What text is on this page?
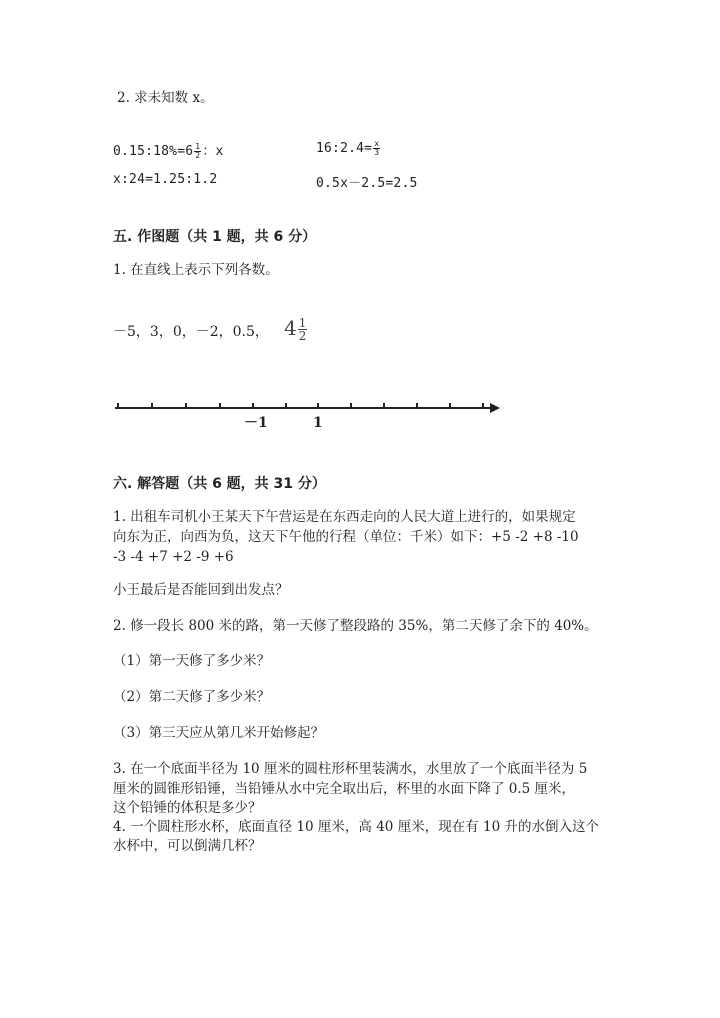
2. 求未知数 x。
0.15:18%=6 $\frac{1}{2}$ ：x	16:2.4= $\frac{x}{3}$
x:24=1.25:1.2	0.5x－2.5=2.5
五. 作图题（共 1 题，共 6 分）
1. 在直线上表示下列各数。
－5，3，0，－2，0.5， $4 \frac{1}{2}$
－1	1
六. 解答题（共 6 题，共 31 分）
1. 出租车司机小王某天下午营运是在东西走向的人民大道上进行的，如果规定
向东为正，向西为负，这天下午他的行程（单位：千米）如下：+5 -2 +8 -10
-3 -4 +7 +2 -9 +6
小王最后是否能回到出发点？
2. 修一段长 800 米的路，第一天修了整段路的 35%，第二天修了余下的 40%。
（1）第一天修了多少米？
（2）第二天修了多少米？
（3）第三天应从第几米开始修起？
3. 在一个底面半径为 10 厘米的圆柱形杯里装满水，水里放了一个底面半径为 5
厘米的圆锥形铅锤，当铅锤从水中完全取出后，杯里的水面下降了 0.5 厘米，
这个铅锤的体积是多少？
4. 一个圆柱形水杯，底面直径 10 厘米，高 40 厘米，现在有 10 升的水倒入这个
水杯中，可以倒满几杯？
